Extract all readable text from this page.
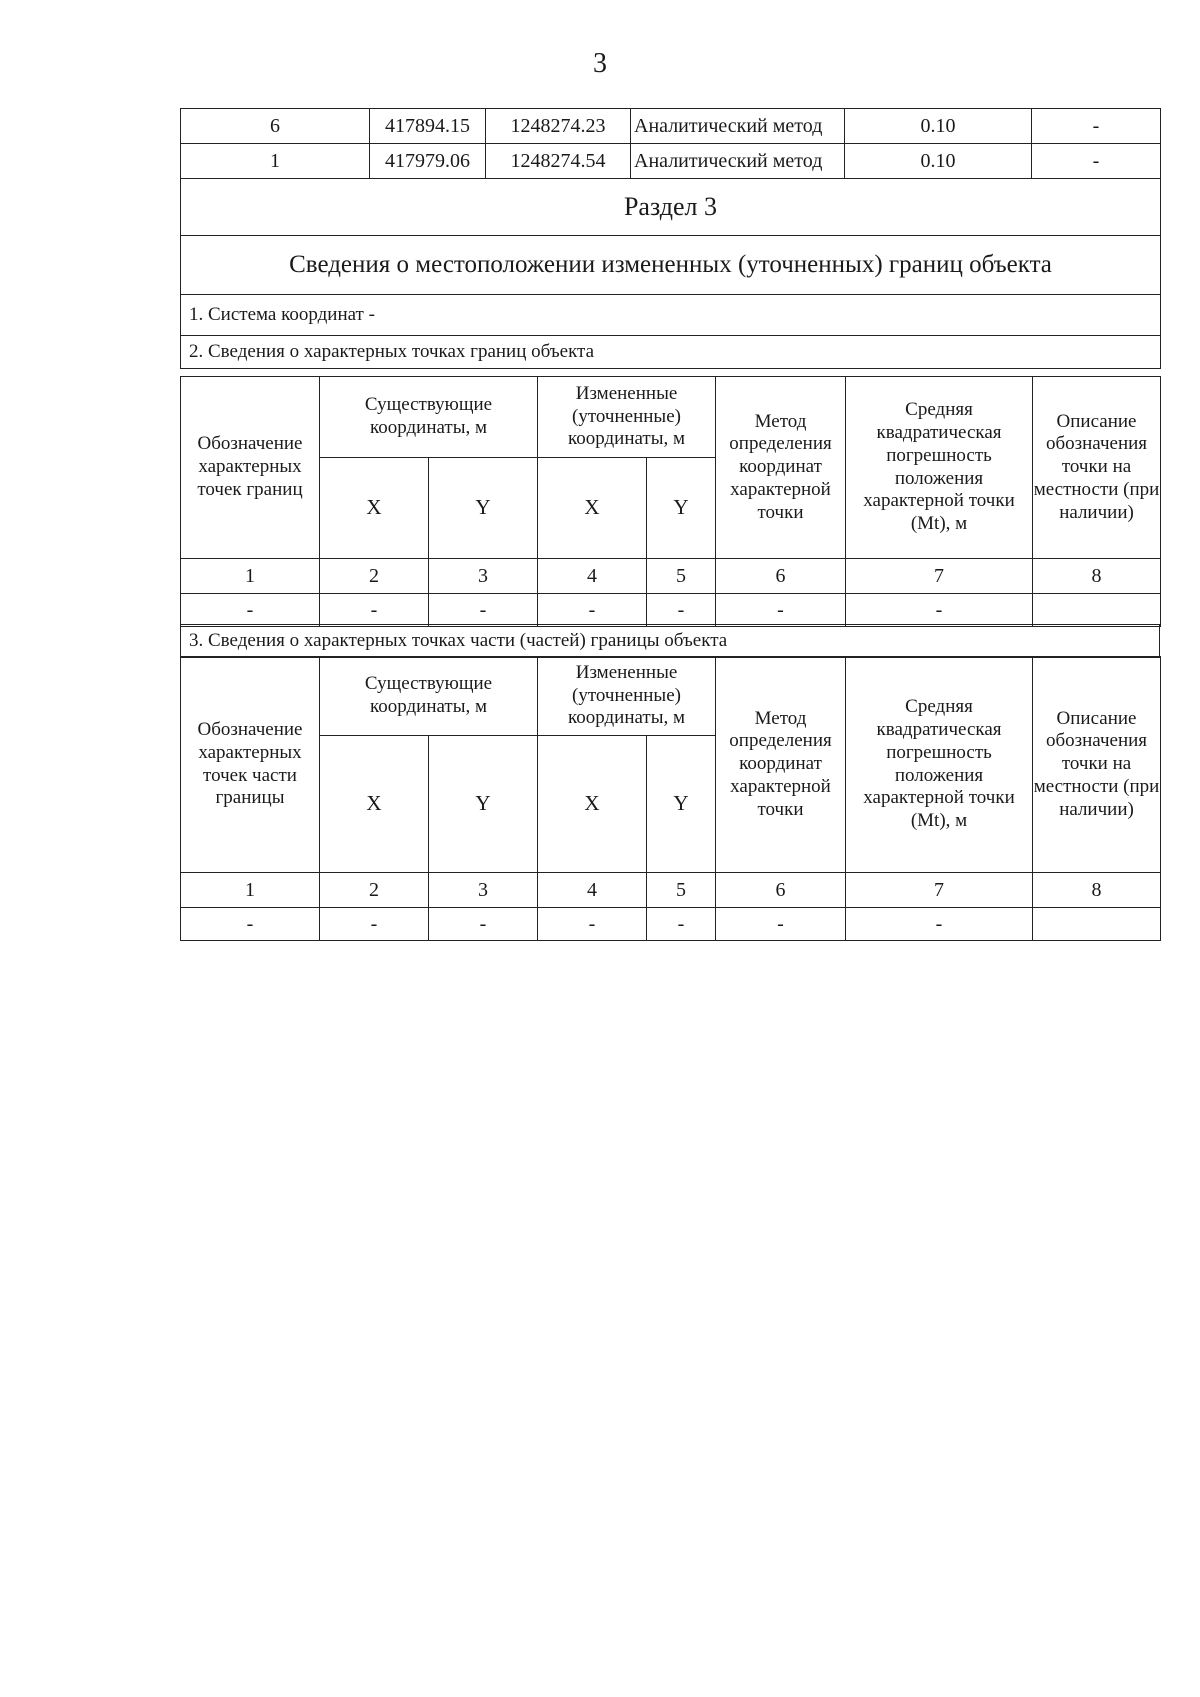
3
6	417894.15	1248274.23	Аналитический метод	0.10	-
1	417979.06	1248274.54	Аналитический метод	0.10	-
Раздел 3					
Сведения о местоположении измененных (уточненных) границ объекта					
1. Система координат -					
2. Сведения о характерных точках границ объекта					
Обозначение характерных точек границ	Существующие координаты, м		Измененные (уточненные) координаты, м		Метод определения координат характерной точки	Средняя квадратическая погрешность положения характерной точки (Mt), м	Описание обозначения точки на местности (при наличии)
	X	Y	X	Y			
1	2	3	4	5	6	7	8
-	-	-	-	-	-	-	
3. Сведения о характерных точках части (частей) границы объекта
Обозначение характерных точек части границы	Существующие координаты, м		Измененные (уточненные) координаты, м		Метод определения координат характерной точки	Средняя квадратическая погрешность положения характерной точки (Mt), м	Описание обозначения точки на местности (при наличии)
	X	Y	X	Y			
1	2	3	4	5	6	7	8
-	-	-	-	-	-	-	
